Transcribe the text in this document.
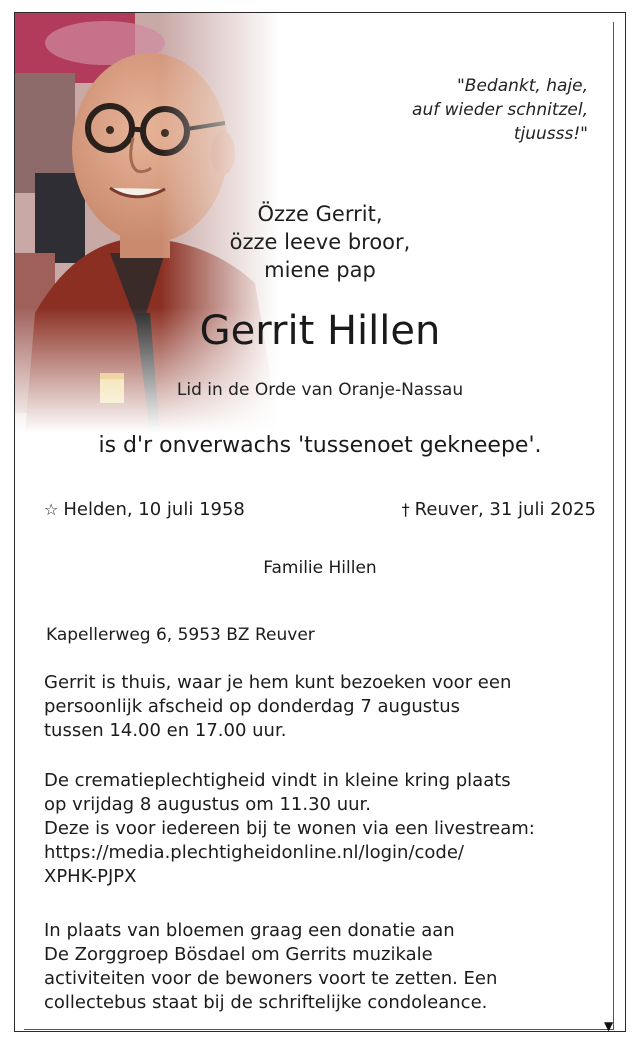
▼
"Bedankt, haje,
auf wieder schnitzel,
tjuusss!"
Özze Gerrit,
özze leeve broor,
miene pap
Gerrit Hillen
Lid in de Orde van Oranje-Nassau
is d'r onverwachs 'tussenoet gekneepe'.
☆ Helden, 10 juli 1958	† Reuver, 31 juli 2025
Familie Hillen
Kapellerweg 6, 5953 BZ Reuver
Gerrit is thuis, waar je hem kunt bezoeken voor een
persoonlijk afscheid op donderdag 7 augustus
tussen 14.00 en 17.00 uur.
De crematieplechtigheid vindt in kleine kring plaats
op vrijdag 8 augustus om 11.30 uur.
Deze is voor iedereen bij te wonen via een livestream:
https://media.plechtigheidonline.nl/login/code/
XPHK-PJPX
In plaats van bloemen graag een donatie aan
De Zorggroep Bösdael om Gerrits muzikale
activiteiten voor de bewoners voort te zetten. Een
collectebus staat bij de schriftelijke condoleance.
